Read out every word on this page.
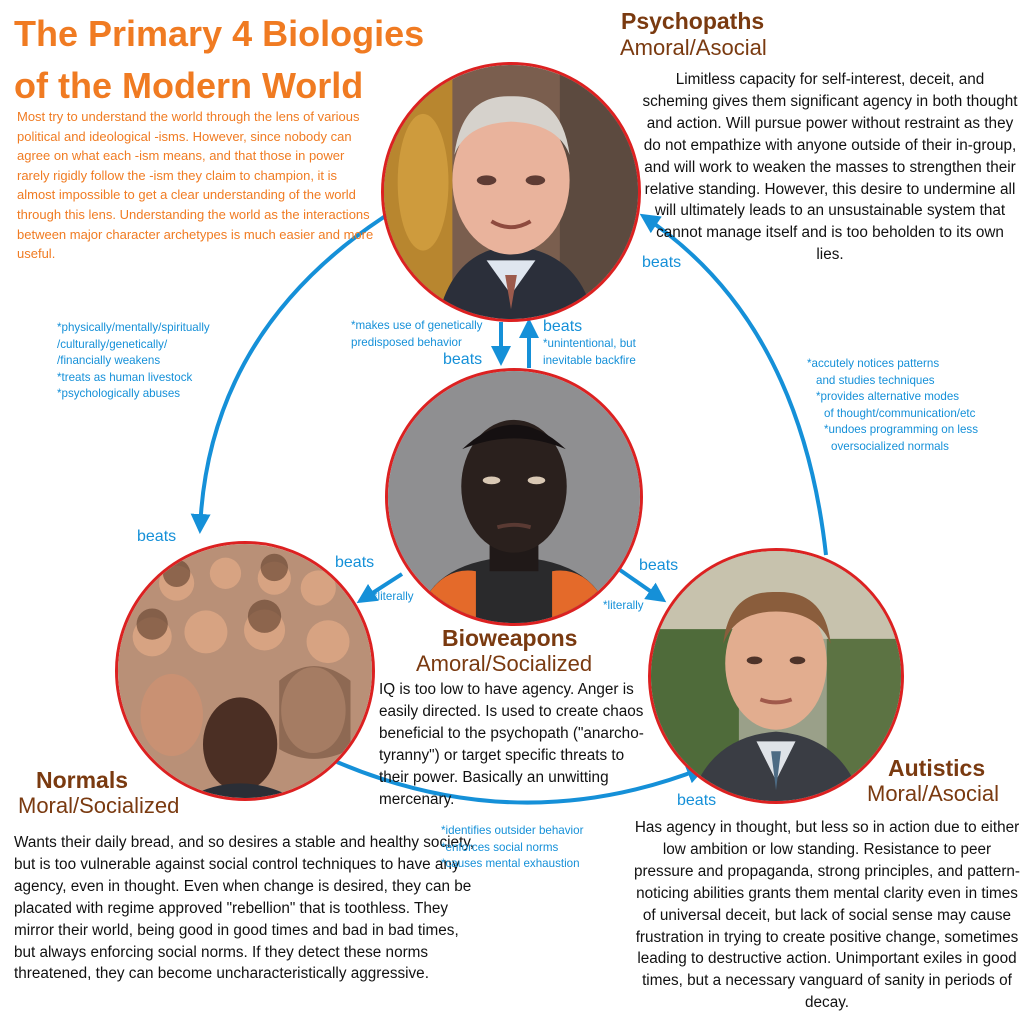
The Primary 4 Biologies of the Modern World
Most try to understand the world through the lens of various political and ideological -isms. However, since nobody can agree on what each -ism means, and that those in power rarely rigidly follow the -ism they claim to champion, it is almost impossible to get a clear understanding of the world through this lens. Understanding the world as the interactions between major character archetypes is much easier and more useful.
Psychopaths
Amoral/Asocial
Limitless capacity for self-interest, deceit, and scheming gives them significant agency in both thought and action. Will pursue power without restraint as they do not empathize with anyone outside of their in-group, and will work to weaken the masses to strengthen their relative standing. However, this desire to undermine all will ultimately leads to an unsustainable system that cannot manage itself and is too beholden to its own lies.
Bioweapons
Amoral/Socialized
IQ is too low to have agency. Anger is easily directed. Is used to create chaos beneficial to the psychopath ("anarcho-tyranny") or target specific threats to their power. Basically an unwitting mercenary.
Normals
Moral/Socialized
Wants their daily bread, and so desires a stable and healthy society, but is too vulnerable against social control techniques to have any agency, even in thought. Even when change is desired, they can be placated with regime approved "rebellion" that is toothless. They mirror their world, being good in good times and bad in bad times, but always enforcing social norms. If they detect these norms threatened, they can become uncharacteristically aggressive.
Autistics
Moral/Asocial
Has agency in thought, but less so in action due to either low ambition or low standing. Resistance to peer pressure and propaganda, strong principles, and pattern-noticing abilities grants them mental clarity even in times of universal deceit, but lack of social sense may cause frustration in trying to create positive change, sometimes leading to destructive action. Unimportant exiles in good times, but a necessary vanguard of sanity in periods of decay.
beats
*physically/mentally/spiritually
/culturally/genetically/
/financially weakens
*treats as human livestock
*psychologically abuses
beats
*makes use of genetically
predisposed behavior
beats
*unintentional, but
inevitable backfire
beats
*literally
beats
*literally
beats
*identifies outsider behavior
*enforces social norms
*causes mental exhaustion
beats
*accutely notices patterns
and studies techniques
*provides alternative modes
of thought/communication/etc
*undoes programming on less
oversocialized normals
